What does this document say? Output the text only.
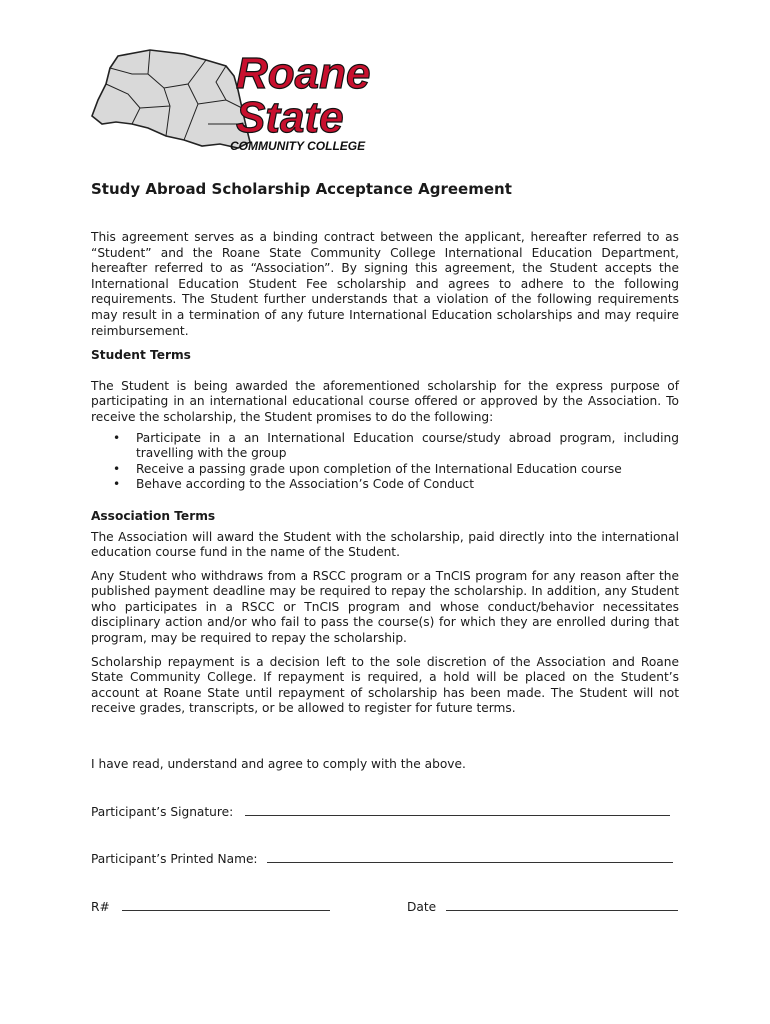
Roane
State
COMMUNITY COLLEGE
Study Abroad Scholarship Acceptance Agreement

This agreement serves as a binding contract between the applicant, hereafter referred to as “Student” and the Roane State Community College International Education Department, hereafter referred to as “Association”. By signing this agreement, the Student accepts the International Education Student Fee scholarship and agrees to adhere to the following requirements. The Student further understands that a violation of the following requirements may result in a termination of any future International Education scholarships and may require reimbursement.

Student Terms

The Student is being awarded the aforementioned scholarship for the express purpose of participating in an international educational course offered or approved by the Association. To receive the scholarship, the Student promises to do the following:

• Participate in a an International Education course/study abroad program, including travelling with the group
• Receive a passing grade upon completion of the International Education course
• Behave according to the Association’s Code of Conduct
Association Terms

The Association will award the Student with the scholarship, paid directly into the international education course fund in the name of the Student.

Any Student who withdraws from a RSCC program or a TnCIS program for any reason after the published payment deadline may be required to repay the scholarship. In addition, any Student who participates in a RSCC or TnCIS program and whose conduct/behavior necessitates disciplinary action and/or who fail to pass the course(s) for which they are enrolled during that program, may be required to repay the scholarship.

Scholarship repayment is a decision left to the sole discretion of the Association and Roane State Community College. If repayment is required, a hold will be placed on the Student’s account at Roane State until repayment of scholarship has been made. The Student will not receive grades, transcripts, or be allowed to register for future terms.

I have read, understand and agree to comply with the above.
Participant’s Signature:
Participant’s Printed Name:
R#	Date
